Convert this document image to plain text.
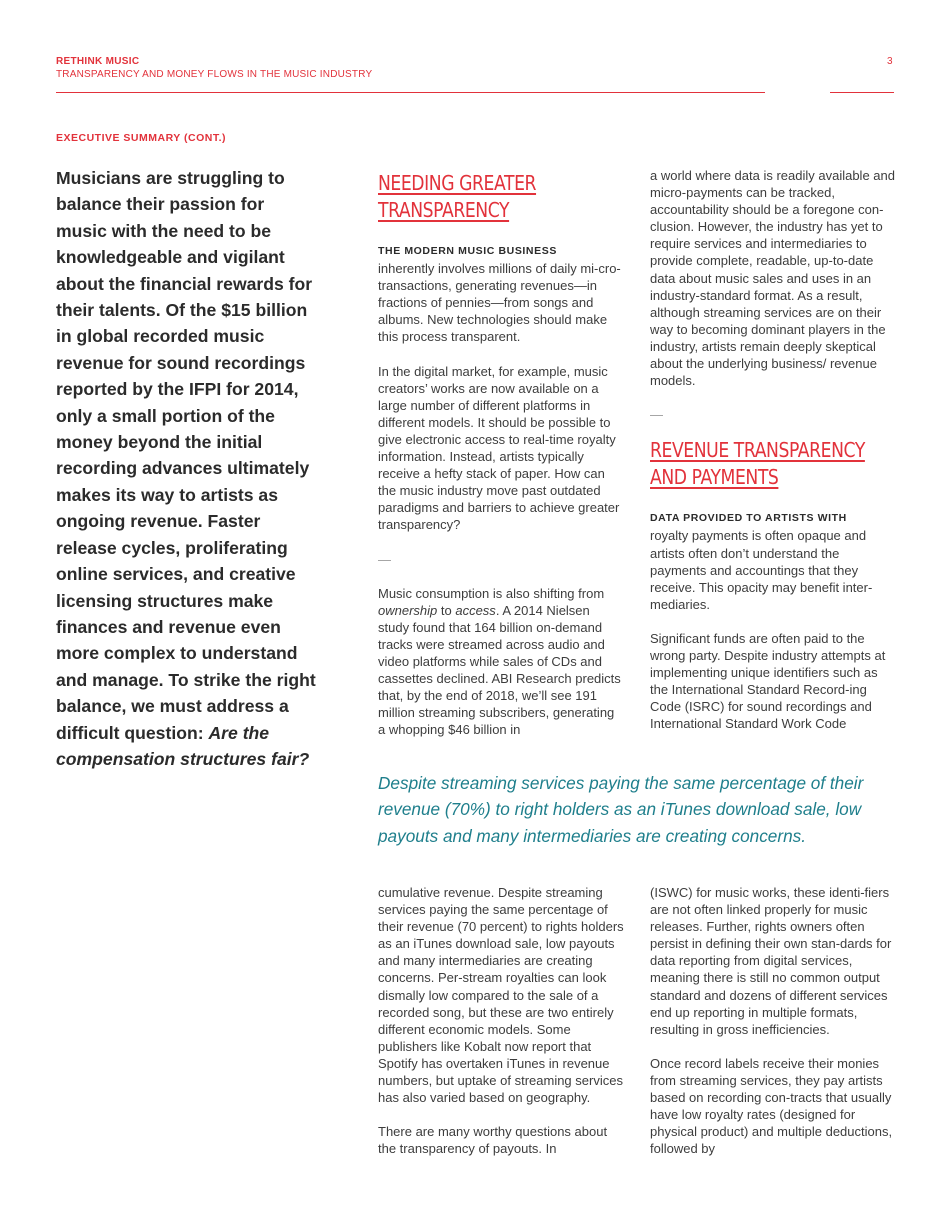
RETHINK MUSIC
TRANSPARENCY AND MONEY FLOWS IN THE MUSIC INDUSTRY
3
EXECUTIVE SUMMARY (CONT.)

Musicians are struggling to balance their passion for music with the need to be knowledgeable and vigilant about the financial rewards for their talents. Of the $15 billion in global recorded music revenue for sound recordings reported by the IFPI for 2014, only a small portion of the money beyond the initial recording advances ultimately makes its way to artists as ongoing revenue. Faster release cycles, proliferating online services, and creative licensing structures make finances and revenue even more complex to understand and manage. To strike the right balance, we must address a difficult question: Are the compensation structures fair?

NEEDING GREATER

TRANSPARENCY

THE MODERN MUSIC BUSINESS

inherently involves millions of daily mi-cro-transactions, generating revenues—in fractions of pennies—from songs and albums. New technologies should make this process transparent.

In the digital market, for example, music creators’ works are now available on a large number of different platforms in different models. It should be possible to give electronic access to real-time royalty information. Instead, artists typically receive a hefty stack of paper. How can the music industry move past outdated paradigms and barriers to achieve greater transparency?

—

Music consumption is also shifting from ownership to access. A 2014 Nielsen study found that 164 billion on-demand tracks were streamed across audio and video platforms while sales of CDs and cassettes declined. ABI Research predicts that, by the end of 2018, we’ll see 191 million streaming subscribers, generating a whopping $46 billion in

a world where data is readily available and micro-payments can be tracked, accountability should be a foregone con-clusion. However, the industry has yet to require services and intermediaries to provide complete, readable, up-to-date data about music sales and uses in an industry-standard format. As a result, although streaming services are on their way to becoming dominant players in the industry, artists remain deeply skeptical about the underlying business/ revenue models.

—

REVENUE TRANSPARENCY

AND PAYMENTS

DATA PROVIDED TO ARTISTS WITH

royalty payments is often opaque and artists often don’t understand the payments and accountings that they receive. This opacity may benefit inter-mediaries.

Significant funds are often paid to the wrong party. Despite industry attempts at implementing unique identifiers such as the International Standard Record-ing Code (ISRC) for sound recordings and International Standard Work Code

Despite streaming services paying the same percentage of their revenue (70%) to right holders as an iTunes download sale, low payouts and many intermediaries are creating concerns.

cumulative revenue. Despite streaming services paying the same percentage of their revenue (70 percent) to rights holders as an iTunes download sale, low payouts and many intermediaries are creating concerns. Per-stream royalties can look dismally low compared to the sale of a recorded song, but these are two entirely different economic models. Some publishers like Kobalt now report that Spotify has overtaken iTunes in revenue numbers, but uptake of streaming services has also varied based on geography.

There are many worthy questions about the transparency of payouts. In

(ISWC) for music works, these identi-fiers are not often linked properly for music releases. Further, rights owners often persist in defining their own stan-dards for data reporting from digital services, meaning there is still no common output standard and dozens of different services end up reporting in multiple formats, resulting in gross inefficiencies.

Once record labels receive their monies from streaming services, they pay artists based on recording con-tracts that usually have low royalty rates (designed for physical product) and multiple deductions, followed by
